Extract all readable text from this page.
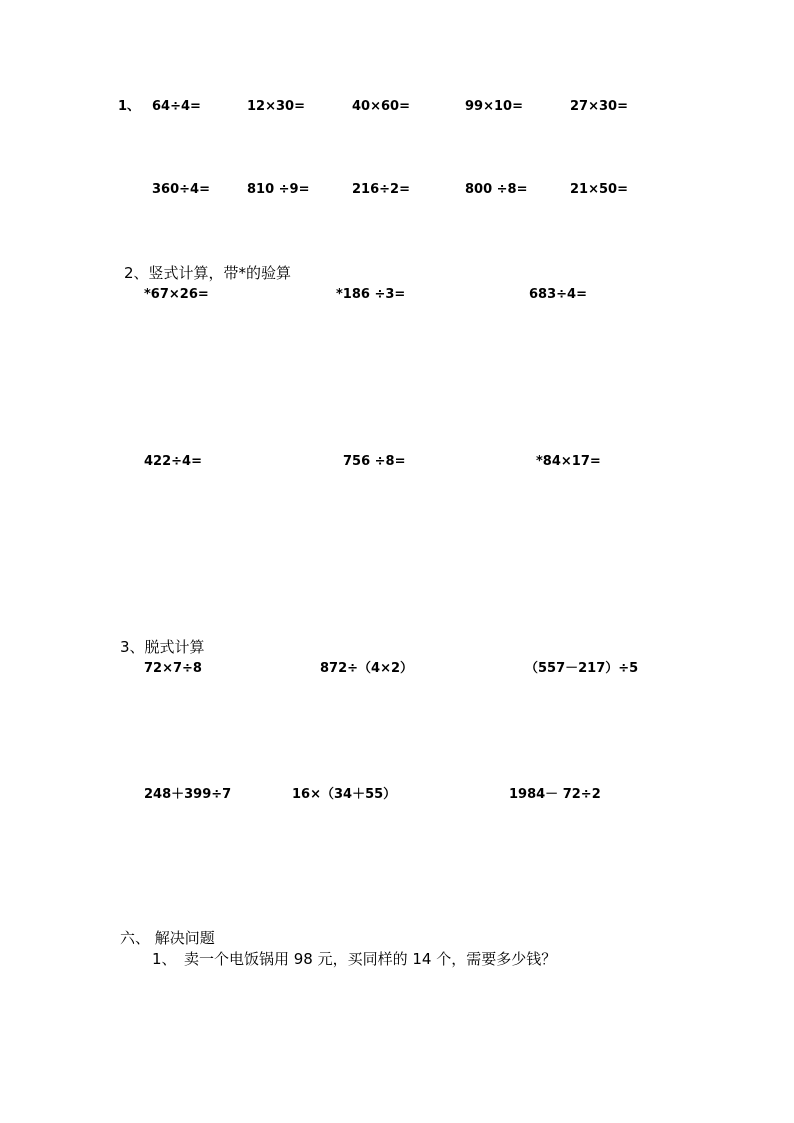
1、 64÷4=	12×30=	40×60=	99×10=	27×30=
360÷4=	810 ÷9=	216÷2=	800 ÷8=	21×50=
2、竖式计算，带*的验算
*67×26=	*186 ÷3=	683÷4=
422÷4=	756 ÷8=	*84×17=
3、脱式计算
72×7÷8	872÷（4×2）	（557－217）÷5
248＋399÷7	16×（34＋55）	1984－ 72÷2
六、 解决问题
1、 卖一个电饭锅用 98 元，买同样的 14 个，需要多少钱？
